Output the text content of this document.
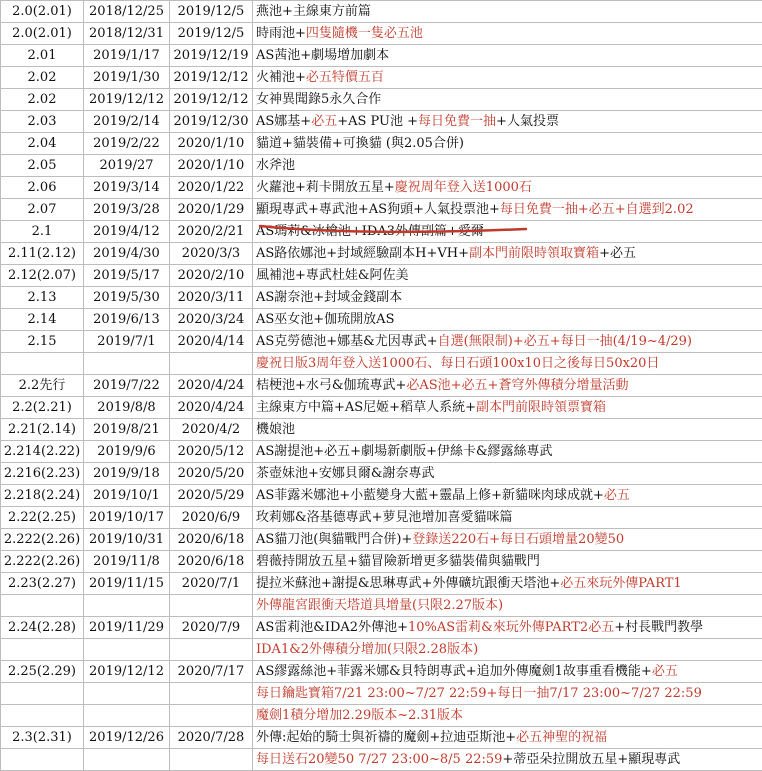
2.0(2.01)	2018/12/25	2019/12/5	燕池+主線東方前篇
2.0(2.01)	2018/12/31	2019/12/5	時雨池+四隻隨機一隻必五池
2.01	2019/1/17	2019/12/19	AS茜池+劇場增加劇本
2.02	2019/1/30	2019/12/12	火補池+必五特價五百
2.02	2019/12/12	2019/12/12	女神異聞錄5永久合作
2.03	2019/2/14	2019/12/30	AS娜基+必五+AS PU池 +每日免費一抽+人氣投票
2.04	2019/2/22	2020/1/10	貓道+貓裝備+可換貓 (與2.05合併)
2.05	2019/27	2020/1/10	水斧池
2.06	2019/3/14	2020/1/22	火蘿池+莉卡開放五星+慶祝周年登入送1000石
2.07	2019/3/28	2020/1/29	顯現專武+專武池+AS狗頭+人氣投票池+每日免費一抽+必五+自選到2.02
2.1	2019/4/12	2020/2/21	AS瑪莉&冰槍池+IDA3外傳副篇+愛爾
2.11(2.12)	2019/4/30	2020/3/3	AS路依娜池+封域經驗副本H+VH+副本門前限時領取寶箱+必五
2.12(2.07)	2019/5/17	2020/2/10	風補池+專武杜娃&阿佐美
2.13	2019/5/30	2020/3/11	AS謝奈池+封域金錢副本
2.14	2019/6/13	2020/3/24	AS巫女池+伽琉開放AS
2.15	2019/7/1	2020/4/14	AS克勞德池+娜基&尤因專武+自選(無限制)+必五+每日一抽(4/19~4/29)
			慶祝日版3周年登入送1000石、每日石頭100x10日之後每日50x20日
2.2先行	2019/7/22	2020/4/24	桔梗池+水弓&伽琉專武+必AS池+必五+蒼穹外傳積分增量活動
2.2(2.21)	2019/8/8	2020/4/24	主線東方中篇+AS尼姬+稻草人系統+副本門前限時領票寶箱
2.21(2.14)	2019/8/21	2020/4/2	機娘池
2.214(2.22)	2019/9/6	2020/5/12	AS謝提池+必五+劇場新劇版+伊絲卡&繆露絲專武
2.216(2.23)	2019/9/18	2020/5/20	茶壺妹池+安娜貝爾&謝奈專武
2.218(2.24)	2019/10/1	2020/5/29	AS菲露米娜池+小藍變身大藍+靈晶上修+新貓咪肉球成就+必五
2.22(2.25)	2019/10/17	2020/6/9	玫莉娜&洛基德專武+萝見池增加喜愛貓咪篇
2.222(2.26)	2019/10/31	2020/6/18	AS貓刀池(與貓戰門合併)+登錄送220石+每日石頭增量20變50
2.222(2.26)	2019/11/8	2020/6/18	碧薇持開放五星+貓冒險新增更多貓裝備與貓戰門
2.23(2.27)	2019/11/15	2020/7/1	提拉米蘇池+謝提&思琳專武+外傳礦坑跟衝天塔池+必五來玩外傳PART1
			外傳龍宮跟衝天塔道具增量(只限2.27版本)
2.24(2.28)	2019/11/29	2020/7/9	AS雷莉池&IDA2外傳池+10%AS雷莉&來玩外傳PART2必五+村長戰門教學
			IDA1&2外傳積分增加(只限2.28版本)
2.25(2.29)	2019/12/12	2020/7/17	AS繆露絲池+菲露米娜&貝特朗專武+追加外傳魔劍1故事重看機能+必五
			每日鑰匙寶箱7/21 23:00~7/27 22:59+每日一抽7/17 23:00~7/27 22:59
			魔劍1積分增加2.29版本~2.31版本
2.3(2.31)	2019/12/26	2020/7/28	外傳:起始的騎士與祈禱的魔劍+拉迪亞斯池+必五神聖的祝福
			每日送石20變50 7/27 23:00~8/5 22:59+蒂亞朵拉開放五星+顯現專武
